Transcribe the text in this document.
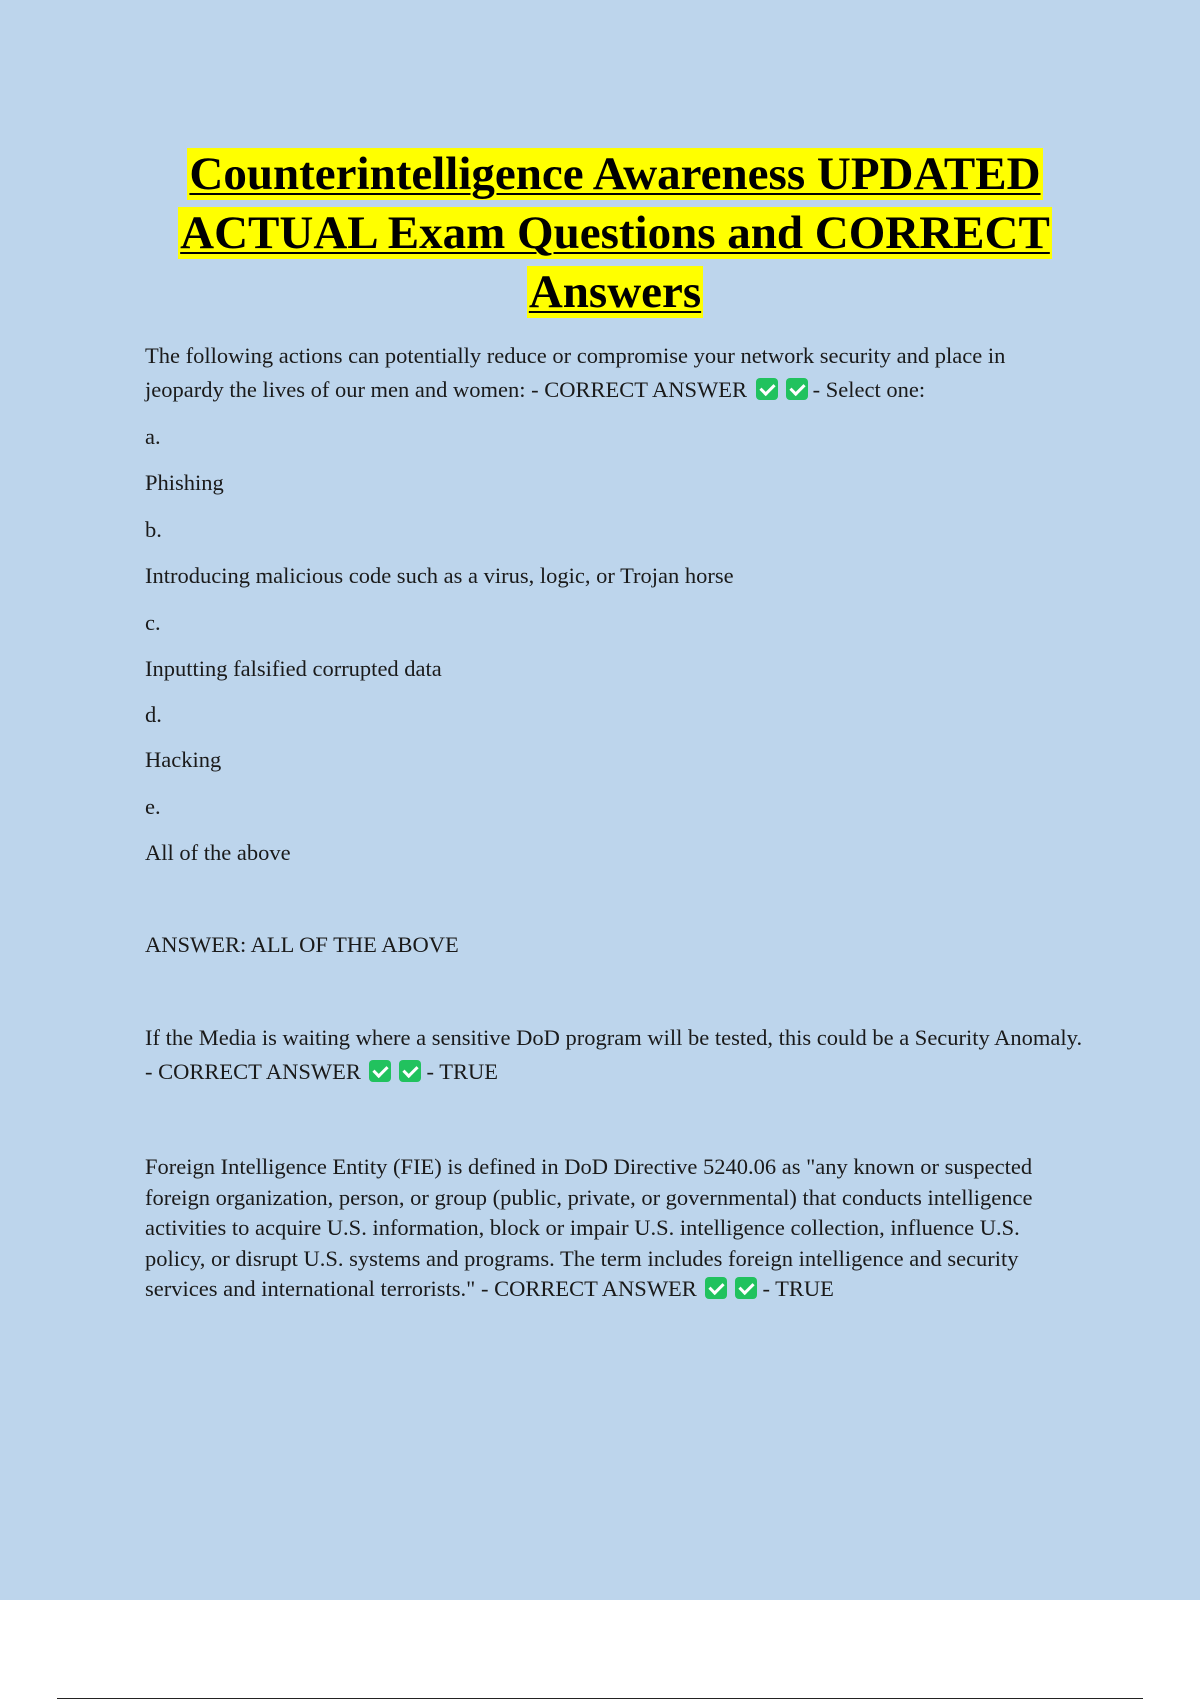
Counterintelligence Awareness UPDATED
ACTUAL Exam Questions and CORRECT
Answers

The following actions can potentially reduce or compromise your network security and place in jeopardy the lives of our men and women: - CORRECT ANSWER	- Select one:

a.

Phishing

b.

Introducing malicious code such as a virus, logic, or Trojan horse

c.

Inputting falsified corrupted data

d.

Hacking

e.

All of the above

ANSWER: ALL OF THE ABOVE

If the Media is waiting where a sensitive DoD program will be tested, this could be a Security Anomaly. - CORRECT ANSWER	- TRUE

Foreign Intelligence Entity (FIE) is defined in DoD Directive 5240.06 as "any known or suspected foreign organization, person, or group (public, private, or governmental) that conducts intelligence activities to acquire U.S. information, block or impair U.S. intelligence collection, influence U.S. policy, or disrupt U.S. systems and programs. The term includes foreign intelligence and security services and international terrorists." - CORRECT ANSWER	- TRUE
